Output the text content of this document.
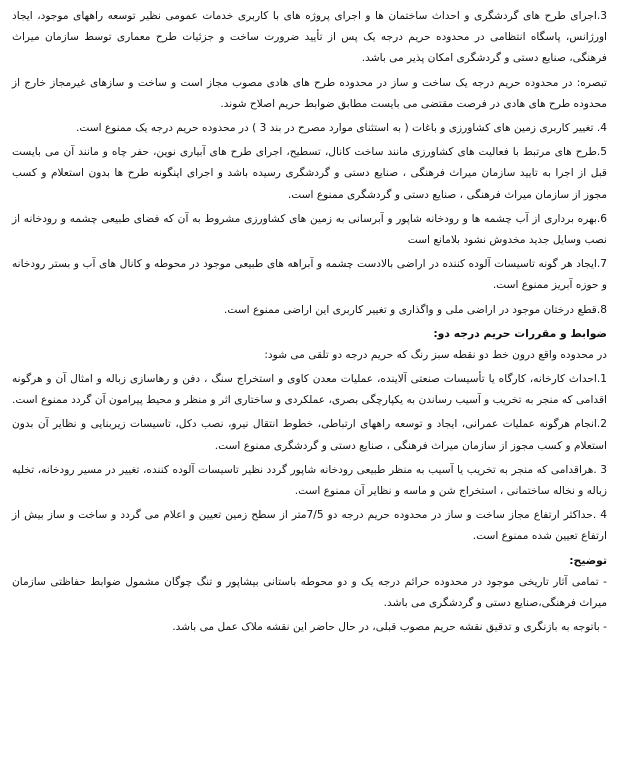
3.اجرای طرح های گردشگری و احداث ساختمان ها و اجرای پروژه های با کاربری خدمات عمومی نظیر توسعه راههای موجود، ایجاد اورژانس، پاسگاه انتظامی در محدوده حریم درجه یک پس از تأیید ضرورت ساخت و جزئیات طرح معماری توسط سازمان میراث فرهنگی، صنایع دستی و گردشگری امکان پذیر می باشد.

تبصره: در محدوده حریم درجه یک ساخت و ساز در محدوده طرح های هادی مصوب مجاز است و ساخت و سازهای غیرمجاز خارج از محدوده طرح های هادی در فرصت مقتضی می بایست مطابق ضوابط حریم اصلاح شوند.

4. تغییر کاربری زمین های کشاورزی و باغات ( به استثنای موارد مصرح در بند 3 ) در محدوده حریم درجه یک ممنوع است.

5.طرح های مرتبط با فعالیت های کشاورزی مانند ساخت کانال، تسطیح، اجرای طرح های آبیاری نوین، حفر چاه و مانند آن می بایست قبل از اجرا به تایید سازمان میراث فرهنگی ، صنایع دستی و گردشگری رسیده باشد و اجرای اینگونه طرح ها بدون استعلام و کسب مجوز از سازمان میراث فرهنگی ، صنایع دستی و گردشگری ممنوع است.

6.بهره برداری از آب چشمه ها و رودخانه شاپور و آبرسانی به زمین های کشاورزی مشروط به آن که فضای طبیعی چشمه و رودخانه از نصب وسایل جدید مخدوش نشود بلامانع است

7.ایجاد هر گونه تاسیسات آلوده کننده در اراضی بالادست چشمه و آبراهه های طبیعی موجود در محوطه و کانال های آب و بستر رودخانه و حوزه آبریز ممنوع است.

8.قطع درختان موجود در اراضی ملی و واگذاری و تغییر کاربری این اراضی ممنوع است.

ضوابط و مقررات حریم درجه دو:

در محدوده واقع درون خط دو نقطه سبز رنگ که حریم درجه دو تلقی می شود:

1.احداث کارخانه، کارگاه یا تأسیسات صنعتی آلاینده، عملیات معدن کاوی و استخراج سنگ ، دفن و رهاسازی زباله و امثال آن و هرگونه اقدامی که منجر به تخریب و آسیب رساندن به یکپارچگی بصری، عملکردی و ساختاری اثر و منظر و محیط پیرامون آن گردد ممنوع است.

2.انجام هرگونه عملیات عمرانی، ایجاد و توسعه راههای ارتباطی، خطوط انتقال نیرو، نصب دکل، تاسیسات زیربنایی و نظایر آن بدون استعلام و کسب مجوز از سازمان میراث فرهنگی ، صنایع دستی و گردشگری ممنوع است.

3 .هراقدامی که منجر به تخریب یا آسیب به منظر طبیعی رودخانه شاپور گردد نظیر تاسیسات آلوده کننده، تغییر در مسیر رودخانه، تخلیه زباله و نخاله ساختمانی ، استخراج شن و ماسه و نظایر آن ممنوع است.

4 .حداکثر ارتفاع مجاز ساخت و ساز در محدوده حریم درجه دو 7/5متر از سطح زمین تعیین و اعلام می گردد و ساخت و ساز بیش از ارتفاع تعیین شده ممنوع است.

توضیح:

- تمامی آثار تاریخی موجود در محدوده حرائم درجه یک و دو محوطه باستانی بیشاپور و تنگ چوگان مشمول ضوابط حفاظتی سازمان میراث فرهنگی،صنایع دستی و گردشگری می باشد.

- باتوجه به بازنگری و تدقیق نقشه حریم مصوب قبلی، در حال حاضر این نقشه ملاک عمل می باشد.
